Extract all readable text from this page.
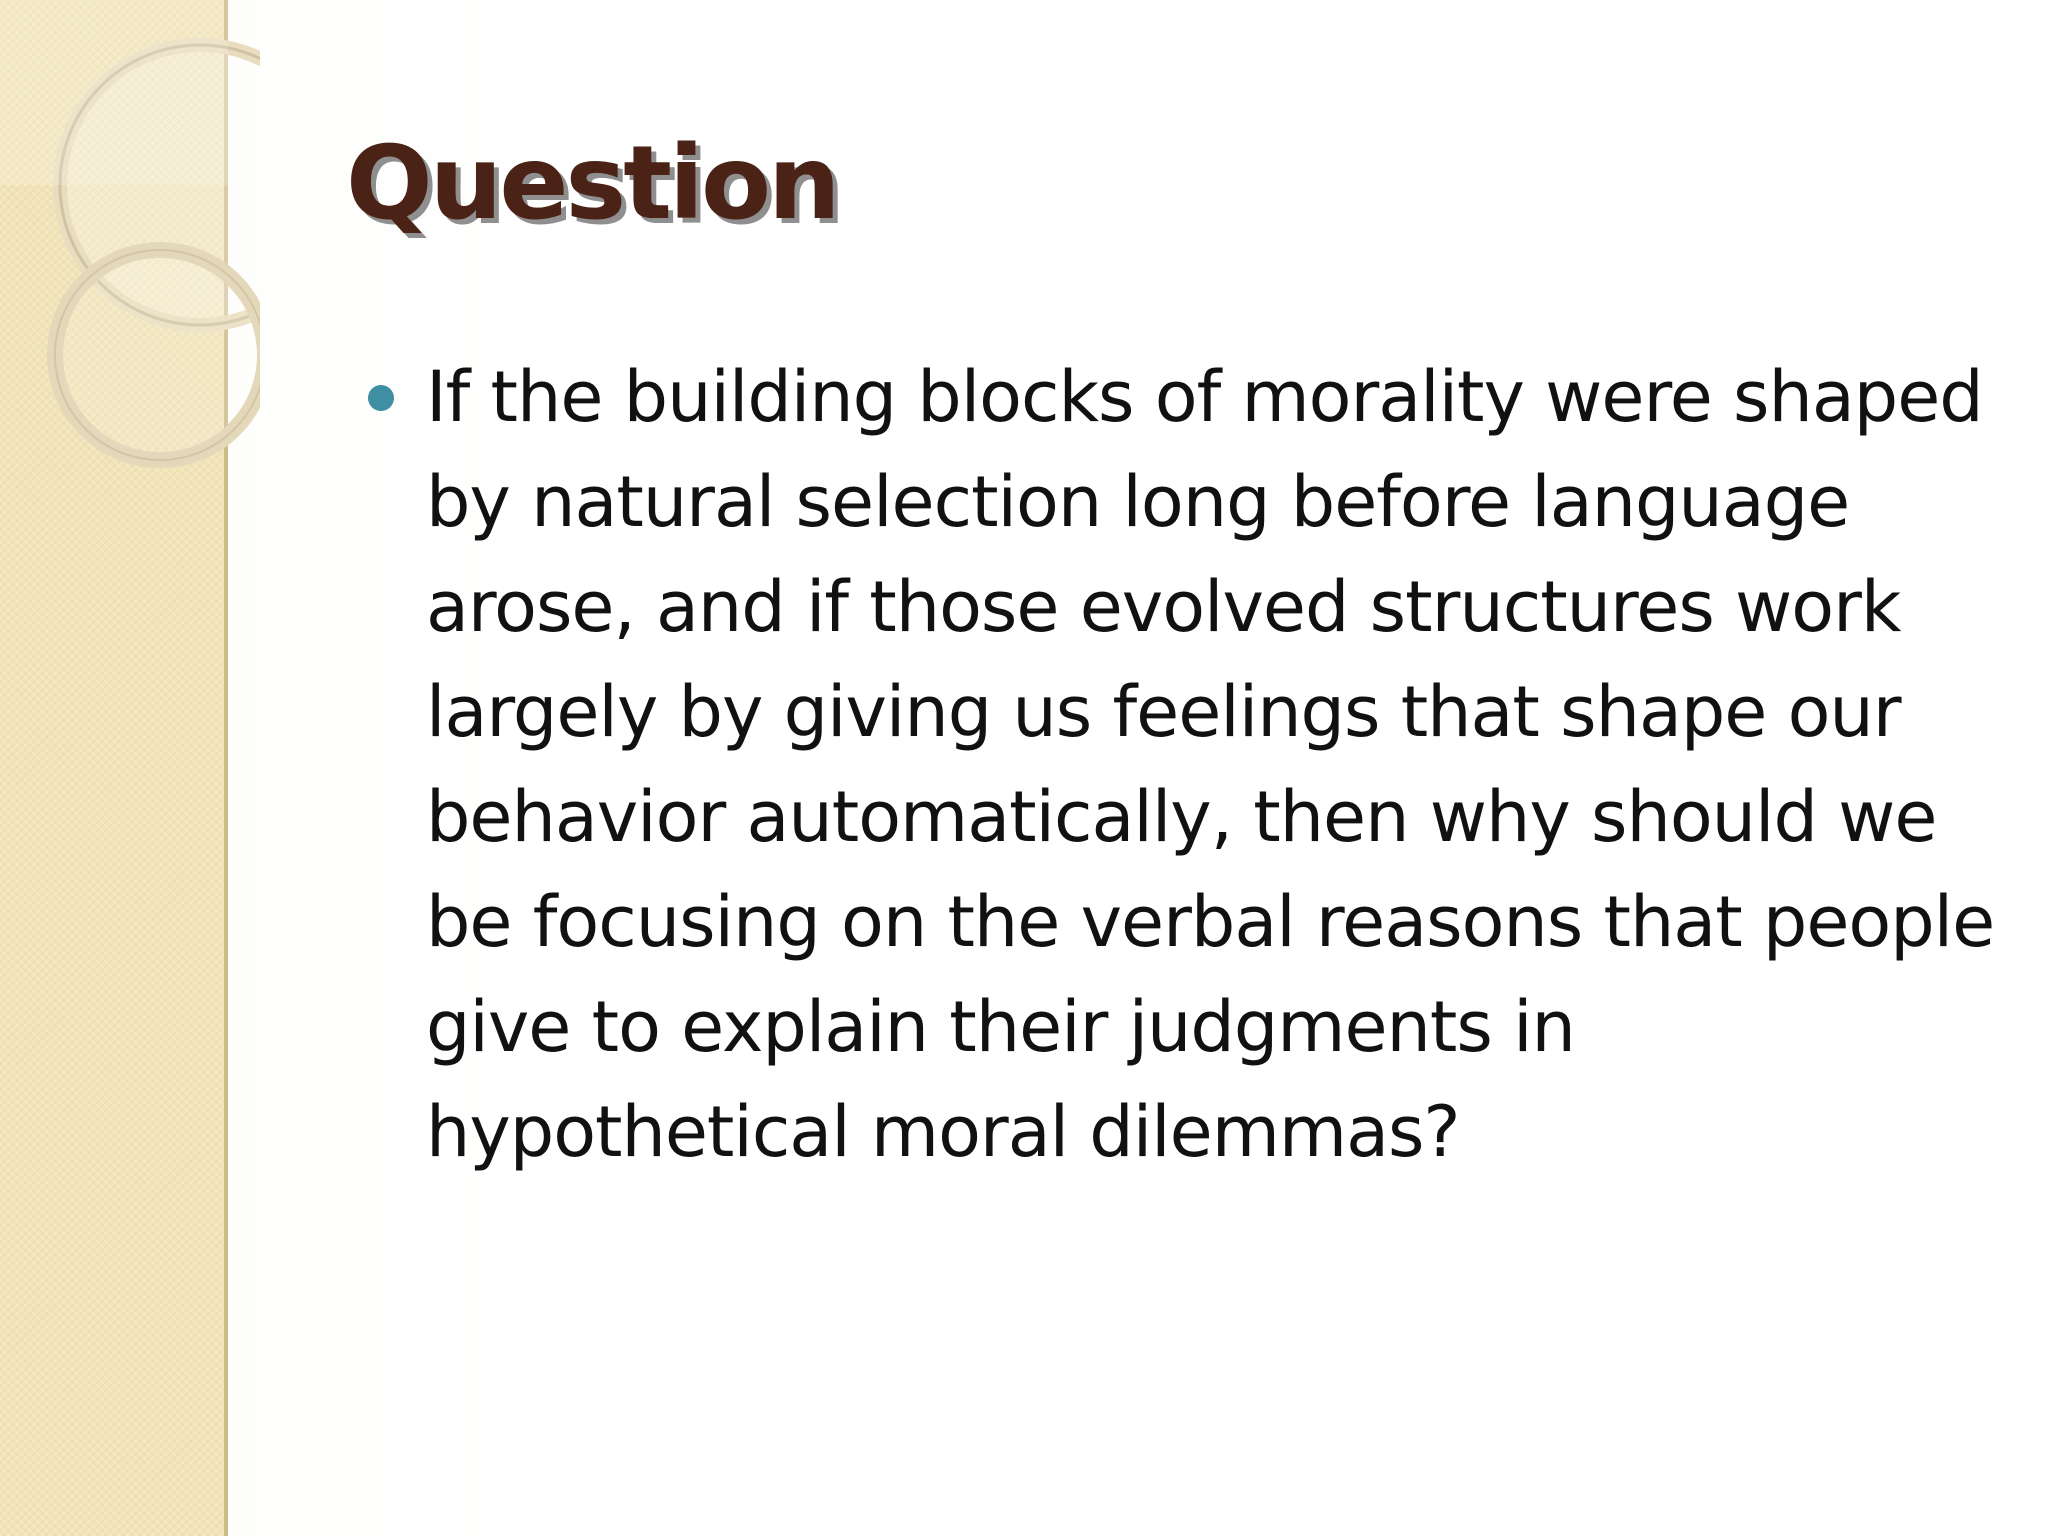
Question
If the building blocks of morality were shaped by natural selection long before language arose, and if those evolved structures work largely by giving us feelings that shape our behavior automatically, then why should we be focusing on the verbal reasons that people give to explain their judgments in hypothetical moral dilemmas?
